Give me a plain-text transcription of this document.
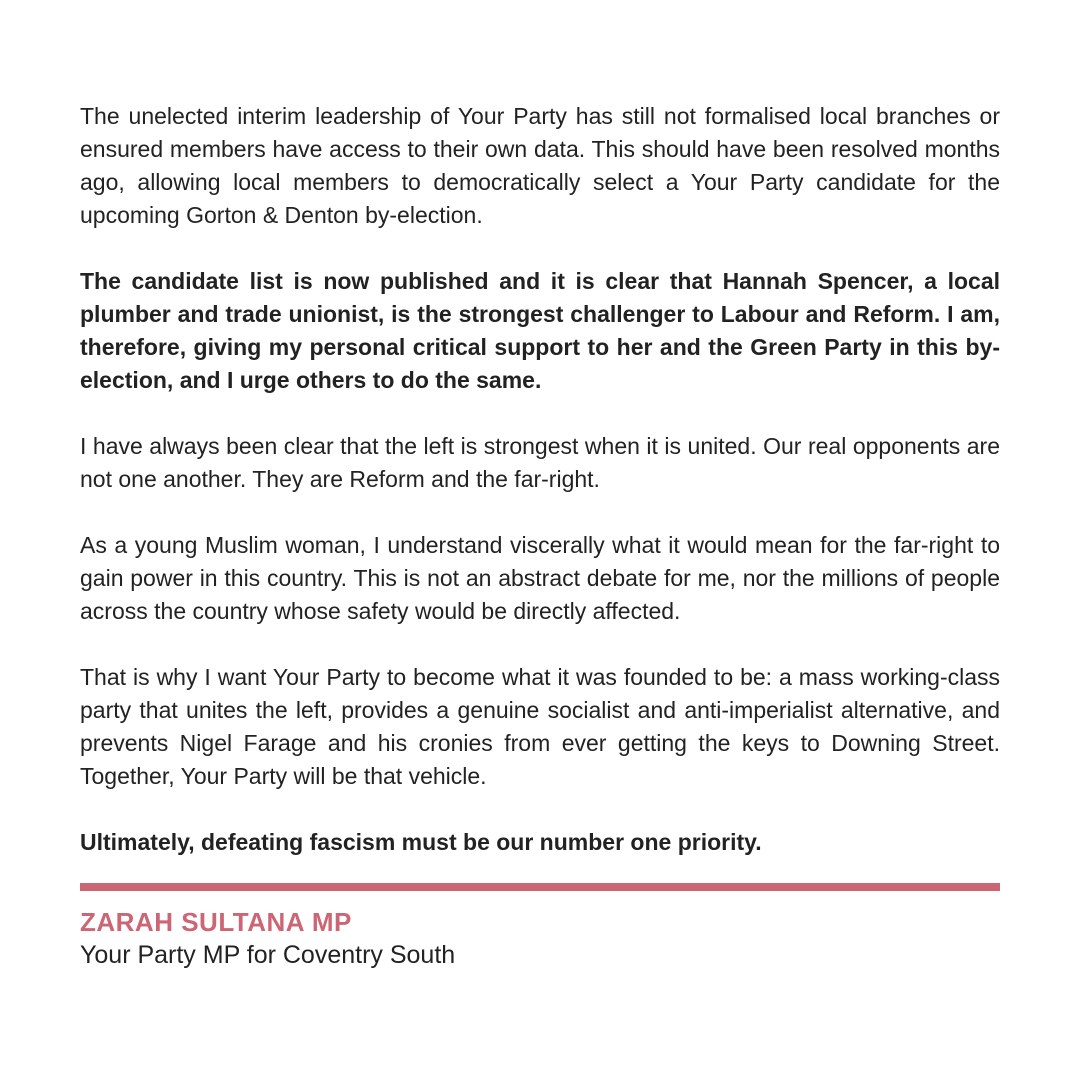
The unelected interim leadership of Your Party has still not formalised local branches or ensured members have access to their own data. This should have been resolved months ago, allowing local members to democratically select a Your Party candidate for the upcoming Gorton & Denton by-election.

The candidate list is now published and it is clear that Hannah Spencer, a local plumber and trade unionist, is the strongest challenger to Labour and Reform. I am, therefore, giving my personal critical support to her and the Green Party in this by-election, and I urge others to do the same.

I have always been clear that the left is strongest when it is united. Our real opponents are not one another. They are Reform and the far-right.

As a young Muslim woman, I understand viscerally what it would mean for the far-right to gain power in this country. This is not an abstract debate for me, nor the millions of people across the country whose safety would be directly affected.

That is why I want Your Party to become what it was founded to be: a mass working-class party that unites the left, provides a genuine socialist and anti-imperialist alternative, and prevents Nigel Farage and his cronies from ever getting the keys to Downing Street. Together, Your Party will be that vehicle.

Ultimately, defeating fascism must be our number one priority.

ZARAH SULTANA MP

Your Party MP for Coventry South
